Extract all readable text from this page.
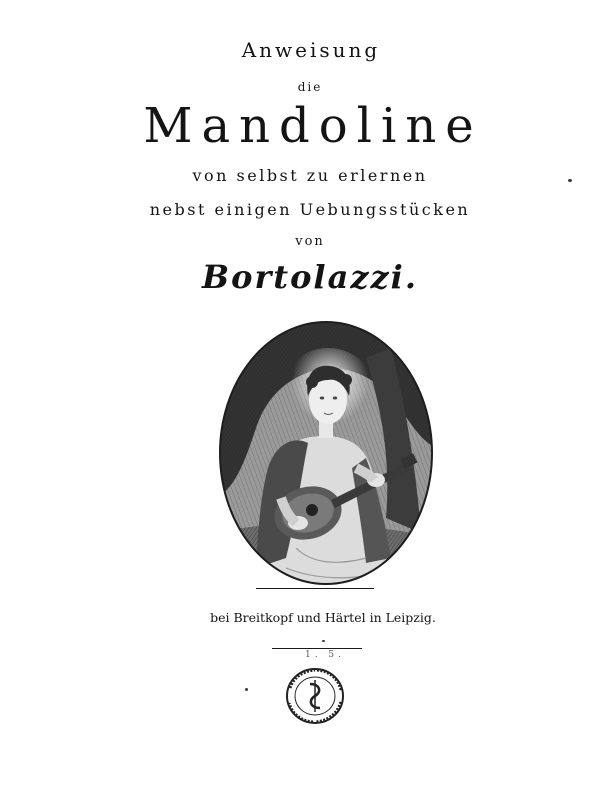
Anweisung
die
Mandoline
von selbst zu erlernen
nebst einigen Uebungsstücken
von
Bortolazzi.
bei Breitkopf und Härtel in Leipzig.
1. 5.
